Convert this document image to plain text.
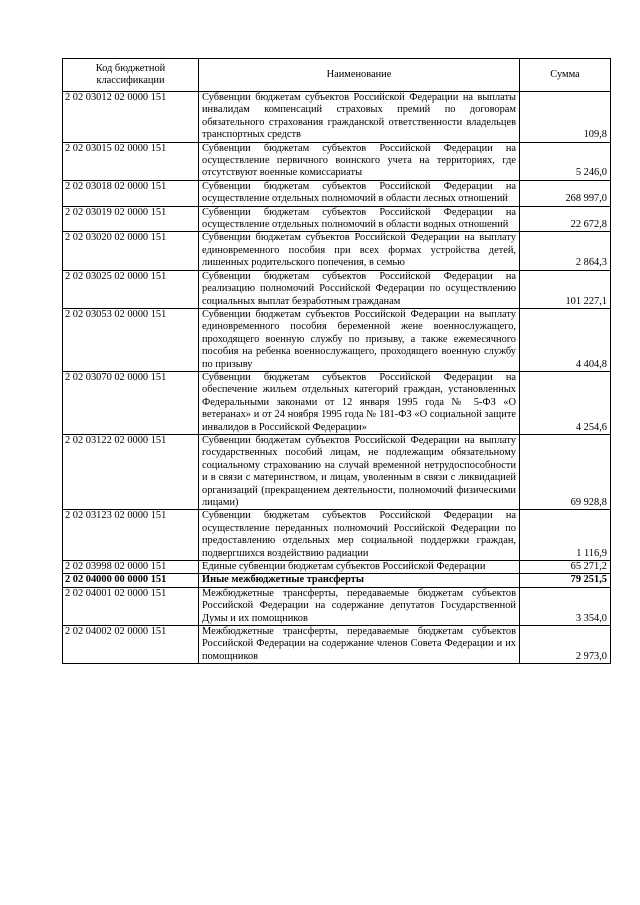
Код бюджетной классификации	Наименование	Сумма
2 02 03012 02 0000 151	Субвенции бюджетам субъектов Российской Федерации на выплаты инвалидам компенсаций страховых премий по договорам обязательного страхования гражданской ответственности владельцев транспортных средств	109,8
2 02 03015 02 0000 151	Субвенции бюджетам субъектов Российской Федерации на осуществление первичного воинского учета на территориях, где отсутствуют военные комиссариаты	5 246,0
2 02 03018 02 0000 151	Субвенции бюджетам субъектов Российской Федерации на осуществление отдельных полномочий в области лесных отношений	268 997,0
2 02 03019 02 0000 151	Субвенции бюджетам субъектов Российской Федерации на осуществление отдельных полномочий в области водных отношений	22 672,8
2 02 03020 02 0000 151	Субвенции бюджетам субъектов Российской Федерации на выплату единовременного пособия при всех формах устройства детей, лишенных родительского попечения, в семью	2 864,3
2 02 03025 02 0000 151	Субвенции бюджетам субъектов Российской Федерации на реализацию полномочий Российской Федерации по осуществлению социальных выплат безработным гражданам	101 227,1
2 02 03053 02 0000 151	Субвенции бюджетам субъектов Российской Федерации на выплату единовременного пособия беременной жене военнослужащего, проходящего военную службу по призыву, а также ежемесячного пособия на ребенка военнослужащего, проходящего военную службу по призыву	4 404,8
2 02 03070 02 0000 151	Субвенции бюджетам субъектов Российской Федерации на обеспечение жильем отдельных категорий граждан, установленных Федеральными законами от 12 января 1995 года № 5-ФЗ «О ветеранах» и от 24 ноября 1995 года № 181-ФЗ «О социальной защите инвалидов в Российской Федерации»	4 254,6
2 02 03122 02 0000 151	Субвенции бюджетам субъектов Российской Федерации на выплату государственных пособий лицам, не подлежащим обязательному социальному страхованию на случай временной нетрудоспособности и в связи с материнством, и лицам, уволенным в связи с ликвидацией организаций (прекращением деятельности, полномочий физическими лицами)	69 928,8
2 02 03123 02 0000 151	Субвенции бюджетам субъектов Российской Федерации на осуществление переданных полномочий Российской Федерации по предоставлению отдельных мер социальной поддержки граждан, подвергшихся воздействию радиации	1 116,9
2 02 03998 02 0000 151	Единые субвенции бюджетам субъектов Российской Федерации	65 271,2
2 02 04000 00 0000 151	Иные межбюджетные трансферты	79 251,5
2 02 04001 02 0000 151	Межбюджетные трансферты, передаваемые бюджетам субъектов Российской Федерации на содержание депутатов Государственной Думы и их помощников	3 354,0
2 02 04002 02 0000 151	Межбюджетные трансферты, передаваемые бюджетам субъектов Российской Федерации на содержание членов Совета Федерации и их помощников	2 973,0
